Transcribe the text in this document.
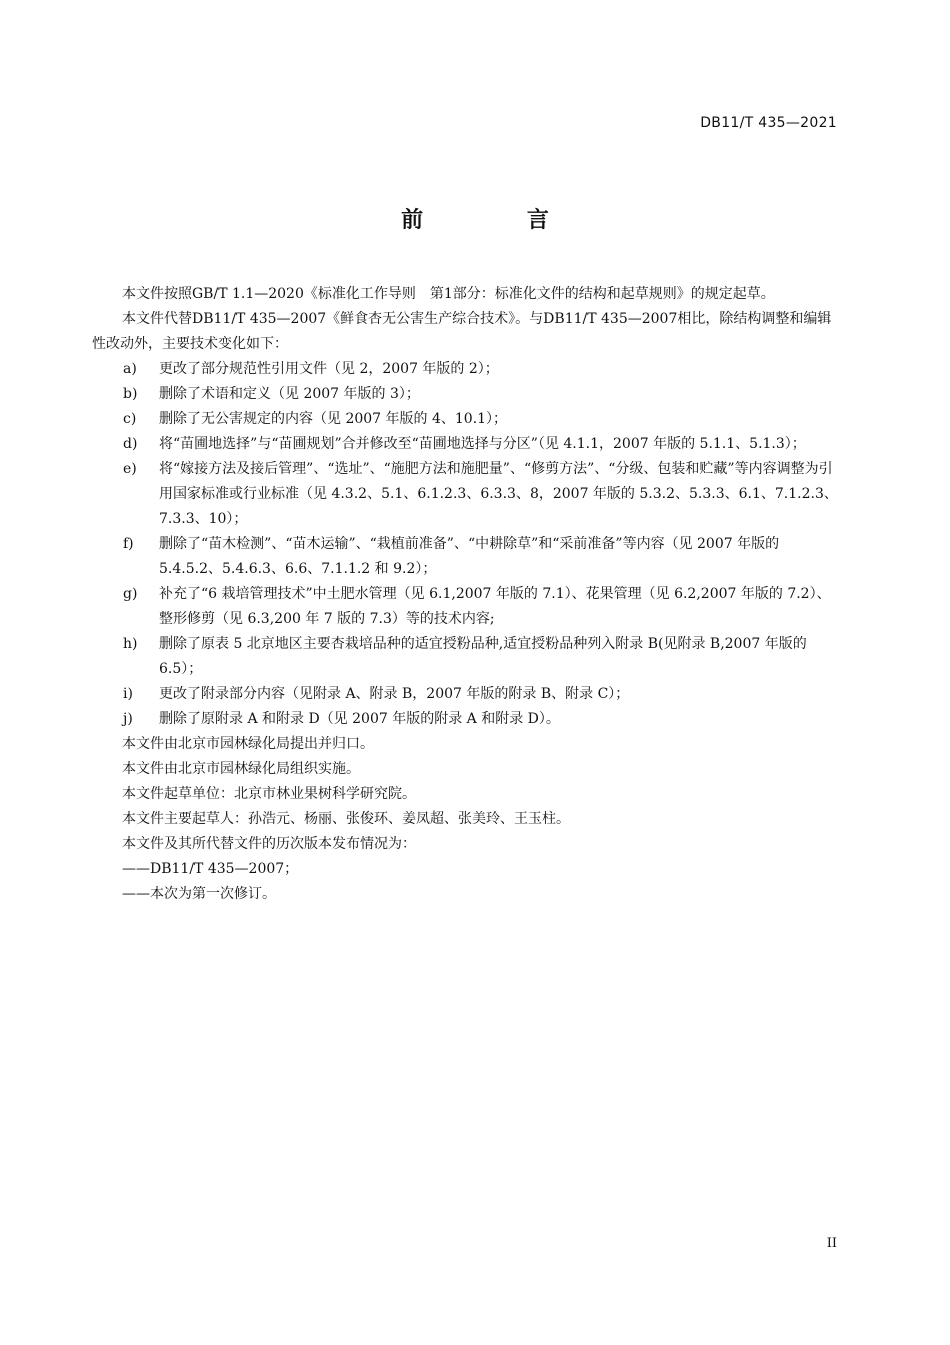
DB11/T 435—2021
前 言

本文件按照GB/T 1.1—2020《标准化工作导则　第1部分：标准化文件的结构和起草规则》的规定起草。

本文件代替DB11/T 435—2007《鲜食杏无公害生产综合技术》。与DB11/T 435—2007相比，除结构调整和编辑性改动外，主要技术变化如下：

a) 更改了部分规范性引用文件（见 2，2007 年版的 2）；
b) 删除了术语和定义（见 2007 年版的 3）；
c) 删除了无公害规定的内容（见 2007 年版的 4、10.1）；
d) 将“苗圃地选择”与“苗圃规划”合并修改至“苗圃地选择与分区”（见 4.1.1，2007 年版的 5.1.1、5.1.3）；
e) 将“嫁接方法及接后管理”、“选址”、“施肥方法和施肥量”、“修剪方法”、“分级、包装和贮藏”等内容调整为引用国家标准或行业标准（见 4.3.2、5.1、6.1.2.3、6.3.3、8，2007 年版的 5.3.2、5.3.3、6.1、7.1.2.3、7.3.3、10）；
f) 删除了“苗木检测”、“苗木运输”、“栽植前准备”、“中耕除草”和“采前准备”等内容（见 2007 年版的 5.4.5.2、5.4.6.3、6.6、7.1.1.2 和 9.2）；
g) 补充了“6 栽培管理技术”中土肥水管理（见 6.1,2007 年版的 7.1）、花果管理（见 6.2,2007 年版的 7.2）、整形修剪（见 6.3,200 年 7 版的 7.3）等的技术内容;
h) 删除了原表 5 北京地区主要杏栽培品种的适宜授粉品种,适宜授粉品种列入附录 B(见附录 B,2007 年版的 6.5）；
i) 更改了附录部分内容（见附录 A、附录 B，2007 年版的附录 B、附录 C）；
j) 删除了原附录 A 和附录 D（见 2007 年版的附录 A 和附录 D）。

本文件由北京市园林绿化局提出并归口。

本文件由北京市园林绿化局组织实施。

本文件起草单位：北京市林业果树科学研究院。

本文件主要起草人：孙浩元、杨丽、张俊环、姜凤超、张美玲、王玉柱。

本文件及其所代替文件的历次版本发布情况为：

——DB11/T 435—2007；

——本次为第一次修订。

II
